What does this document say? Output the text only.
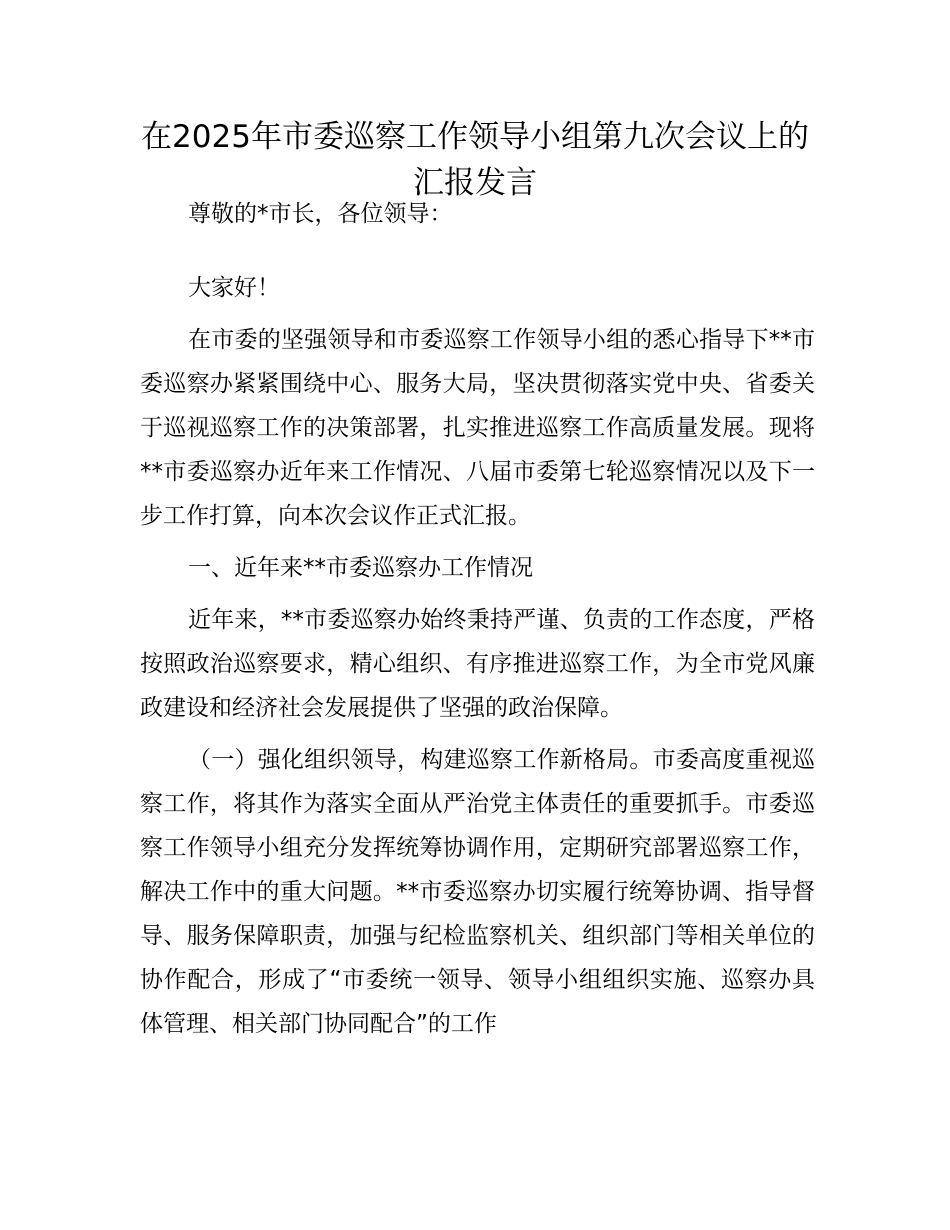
在2025年市委巡察工作领导小组第九次会议上的汇报发言

尊敬的*市长，各位领导：

大家好！

在市委的坚强领导和市委巡察工作领导小组的悉心指导下**市委巡察办紧紧围绕中心、服务大局，坚决贯彻落实党中央、省委关于巡视巡察工作的决策部署，扎实推进巡察工作高质量发展。现将**市委巡察办近年来工作情况、八届市委第七轮巡察情况以及下一步工作打算，向本次会议作正式汇报。

一、近年来**市委巡察办工作情况

近年来，**市委巡察办始终秉持严谨、负责的工作态度，严格按照政治巡察要求，精心组织、有序推进巡察工作，为全市党风廉政建设和经济社会发展提供了坚强的政治保障。

（一）强化组织领导，构建巡察工作新格局。市委高度重视巡察工作，将其作为落实全面从严治党主体责任的重要抓手。市委巡察工作领导小组充分发挥统筹协调作用，定期研究部署巡察工作，解决工作中的重大问题。**市委巡察办切实履行统筹协调、指导督导、服务保障职责，加强与纪检监察机关、组织部门等相关单位的协作配合，形成了“市委统一领导、领导小组组织实施、巡察办具体管理、相关部门协同配合”的工作
